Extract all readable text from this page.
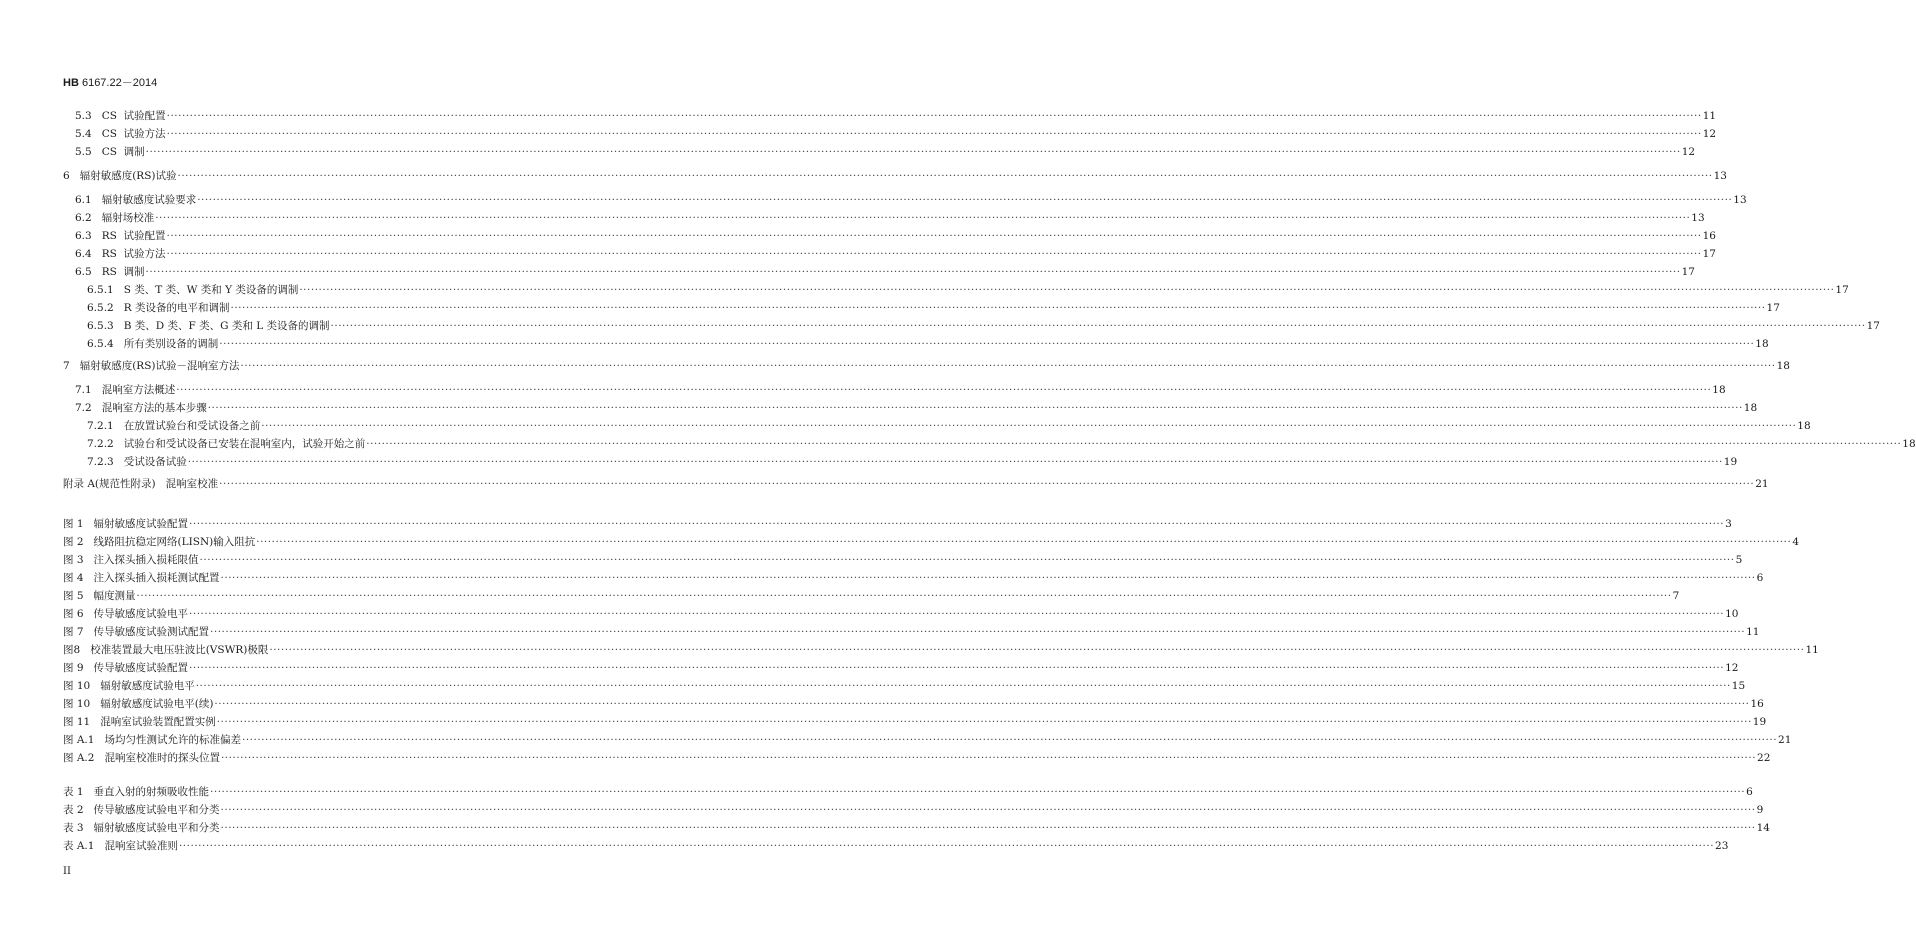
HB 6167.22－2014
5.3
CS  试验配置 ················································································································································································································································································································································································································ 11
5.4
CS  试验方法 ················································································································································································································································································································································································································ 12
5.5
CS  调制 ················································································································································································································································································································································································································ 12
6
辐射敏感度(RS)试验 ················································································································································································································································································································································································································ 13
6.1
辐射敏感度试验要求 ················································································································································································································································································································································································································ 13
6.2
辐射场校准 ················································································································································································································································································································································································································ 13
6.3
RS  试验配置 ················································································································································································································································································································································································································ 16
6.4
RS  试验方法 ················································································································································································································································································································································································································ 17
6.5
RS  调制 ················································································································································································································································································································································································································ 17
6.5.1
S 类、T 类、W 类和 Y 类设备的调制 ················································································································································································································································································································································································································ 17
6.5.2
R 类设备的电平和调制 ················································································································································································································································································································································································································ 17
6.5.3
B 类、D 类、F 类、G 类和 L 类设备的调制 ················································································································································································································································································································································································································ 17
6.5.4
所有类别设备的调制 ················································································································································································································································································································································································································ 18
7
辐射敏感度(RS)试验－混响室方法 ················································································································································································································································································································································································································ 18
7.1
混响室方法概述 ················································································································································································································································································································································································································ 18
7.2
混响室方法的基本步骤 ················································································································································································································································································································································································································ 18
7.2.1
在放置试验台和受试设备之前 ················································································································································································································································································································································································································ 18
7.2.2
试验台和受试设备已安装在混响室内，试验开始之前 ················································································································································································································································································································································································································ 18
7.2.3
受试设备试验 ················································································································································································································································································································································································································ 19
附录 A(规范性附录)
混响室校准 ················································································································································································································································································································································································································ 21
图 1
辐射敏感度试验配置 ················································································································································································································································································································································································································ 3
图 2
线路阻抗稳定网络(LISN)输入阻抗 ················································································································································································································································································································································································································ 4
图 3
注入探头插入损耗限值 ················································································································································································································································································································································································································ 5
图 4
注入探头插入损耗测试配置 ················································································································································································································································································································································································································ 6
图 5
幅度测量 ················································································································································································································································································································································································································ 7
图 6
传导敏感度试验电平 ················································································································································································································································································································································································································ 10
图 7
传导敏感度试验测试配置 ················································································································································································································································································································································································································ 11
图8
校准装置最大电压驻波比(VSWR)极限 ················································································································································································································································································································································································································ 11
图 9
传导敏感度试验配置 ················································································································································································································································································································································································································ 12
图 10
辐射敏感度试验电平 ················································································································································································································································································································································································································ 15
图 10
辐射敏感度试验电平(续) ················································································································································································································································································································································································································ 16
图 11
混响室试验装置配置实例 ················································································································································································································································································································································································································ 19
图 A.1
场均匀性测试允许的标准偏差 ················································································································································································································································································································································································································ 21
图 A.2
混响室校准时的探头位置 ················································································································································································································································································································································································································ 22
表 1
垂直入射的射频吸收性能 ················································································································································································································································································································································································································ 6
表 2
传导敏感度试验电平和分类 ················································································································································································································································································································································································································ 9
表 3
辐射敏感度试验电平和分类 ················································································································································································································································································································································································································ 14
表 A.1
混响室试验准则 ················································································································································································································································································································································································································ 23
II
